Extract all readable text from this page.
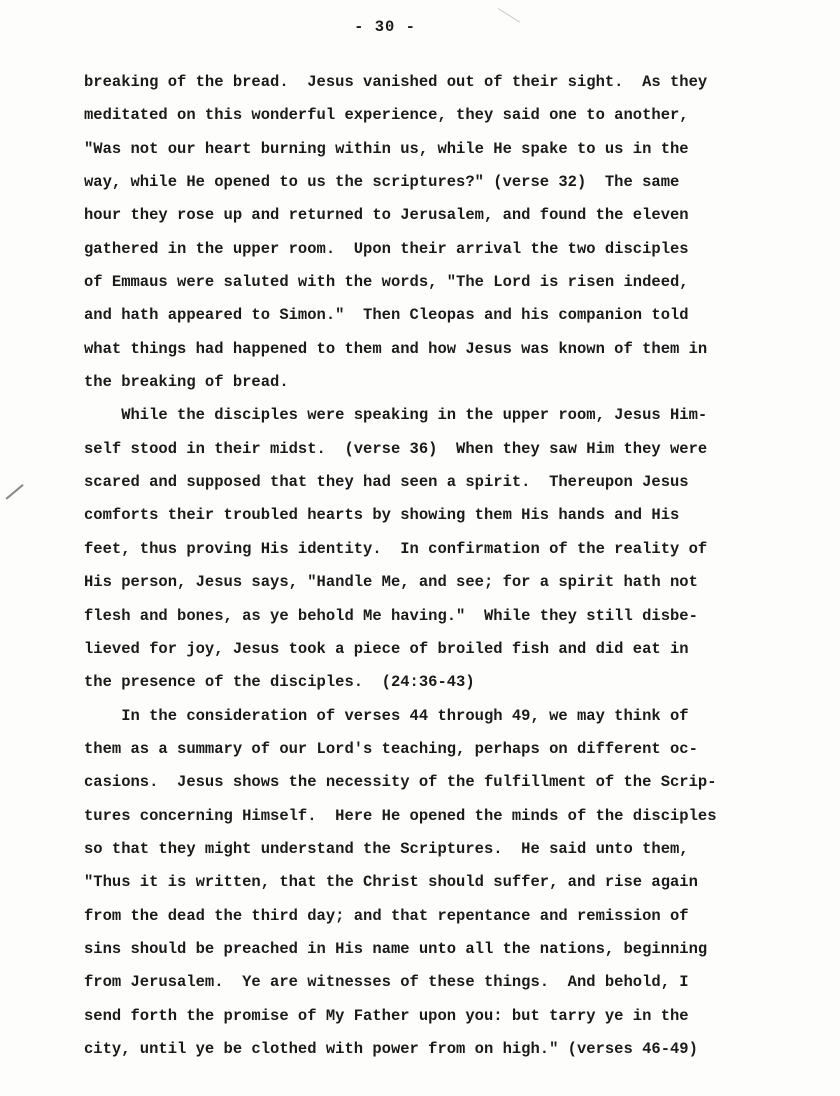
- 30 -
breaking of the bread.  Jesus vanished out of their sight.  As they
meditated on this wonderful experience, they said one to another,
"Was not our heart burning within us, while He spake to us in the
way, while He opened to us the scriptures?" (verse 32)  The same
hour they rose up and returned to Jerusalem, and found the eleven
gathered in the upper room.  Upon their arrival the two disciples
of Emmaus were saluted with the words, "The Lord is risen indeed,
and hath appeared to Simon."  Then Cleopas and his companion told
what things had happened to them and how Jesus was known of them in
the breaking of bread.
While the disciples were speaking in the upper room, Jesus Him-
self stood in their midst.  (verse 36)  When they saw Him they were
scared and supposed that they had seen a spirit.  Thereupon Jesus
comforts their troubled hearts by showing them His hands and His
feet, thus proving His identity.  In confirmation of the reality of
His person, Jesus says, "Handle Me, and see; for a spirit hath not
flesh and bones, as ye behold Me having."  While they still disbe-
lieved for joy, Jesus took a piece of broiled fish and did eat in
the presence of the disciples.  (24:36-43)
In the consideration of verses 44 through 49, we may think of
them as a summary of our Lord's teaching, perhaps on different oc-
casions.  Jesus shows the necessity of the fulfillment of the Scrip-
tures concerning Himself.  Here He opened the minds of the disciples
so that they might understand the Scriptures.  He said unto them,
"Thus it is written, that the Christ should suffer, and rise again
from the dead the third day; and that repentance and remission of
sins should be preached in His name unto all the nations, beginning
from Jerusalem.  Ye are witnesses of these things.  And behold, I
send forth the promise of My Father upon you: but tarry ye in the
city, until ye be clothed with power from on high." (verses 46-49)
